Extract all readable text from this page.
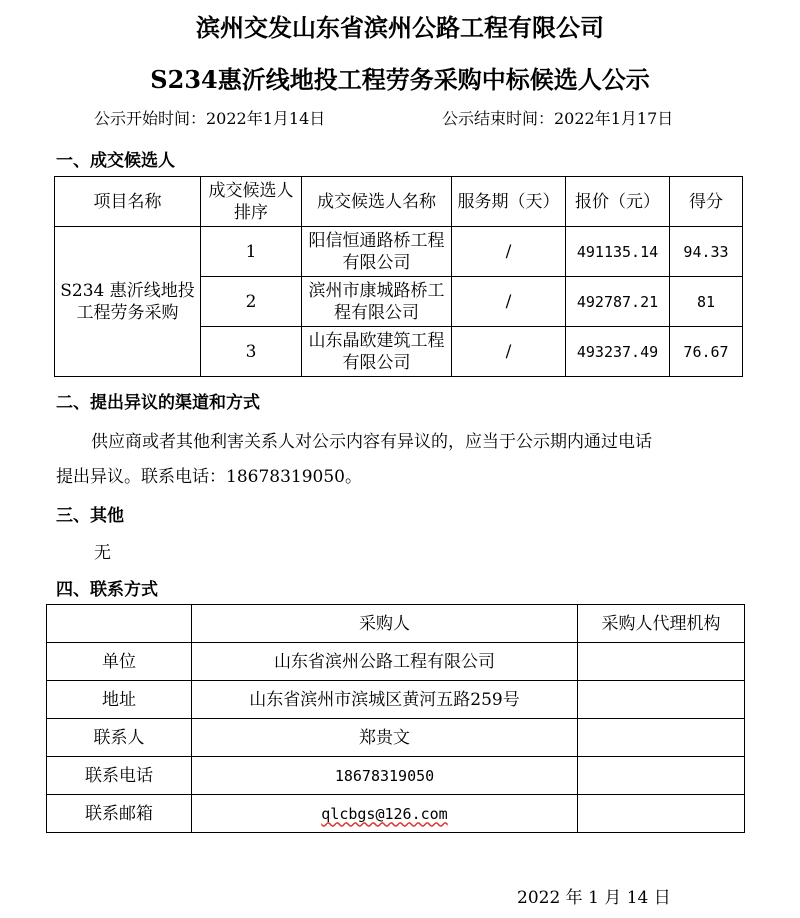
滨州交发山东省滨州公路工程有限公司
S234惠沂线地投工程劳务采购中标候选人公示
公示开始时间：2022年1月14日	公示结束时间：2022年1月17日
一、成交候选人
项目名称	成交候选人排序	成交候选人名称	服务期（天）	报价（元）	得分
S234 惠沂线地投工程劳务采购	1	阳信恒通路桥工程有限公司	/	491135.14	94.33
	2	滨州市康城路桥工程有限公司	/	492787.21	81
	3	山东晶欧建筑工程有限公司	/	493237.49	76.67
二、提出异议的渠道和方式
供应商或者其他利害关系人对公示内容有异议的，应当于公示期内通过电话
提出异议。联系电话：18678319050。
三、其他
无
四、联系方式
	采购人	采购人代理机构
单位	山东省滨州公路工程有限公司	
地址	山东省滨州市滨城区黄河五路259号	
联系人	郑贵文	
联系电话	18678319050	
联系邮箱	qlcbgs@126.com	
2022 年 1 月 14 日
